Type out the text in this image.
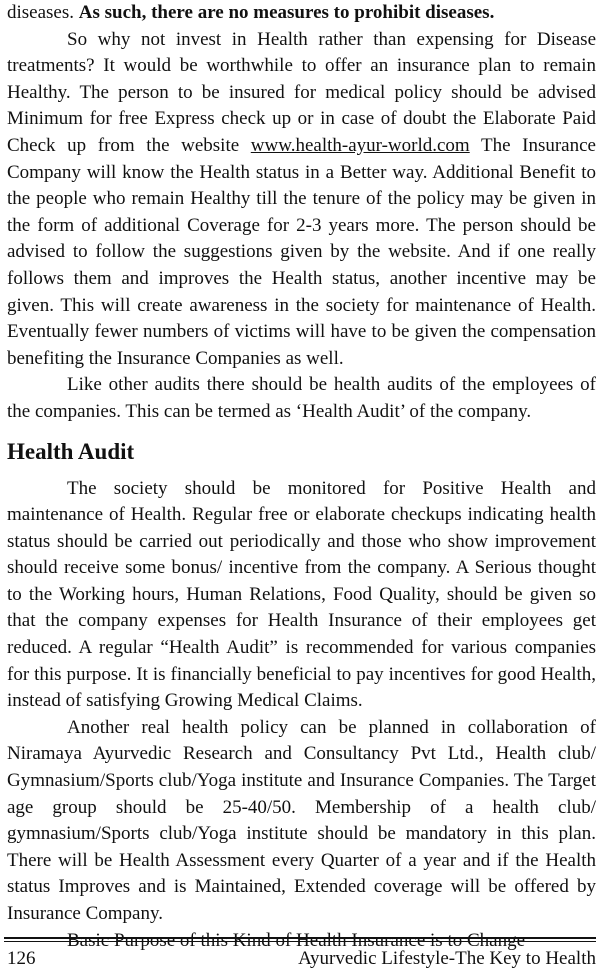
diseases. As such, there are no measures to prohibit diseases.

So why not invest in Health rather than expensing for Disease treatments? It would be worthwhile to offer an insurance plan to remain Healthy. The person to be insured for medical policy should be advised Minimum for free Express check up or in case of doubt the Elaborate Paid Check up from the website www.health-ayur-world.com The Insurance Company will know the Health status in a Better way. Additional Benefit to the people who remain Healthy till the tenure of the policy may be given in the form of additional Coverage for 2-3 years more. The person should be advised to follow the suggestions given by the website. And if one really follows them and improves the Health status, another incentive may be given. This will create awareness in the society for maintenance of Health. Eventually fewer numbers of victims will have to be given the compensation benefiting the Insurance Companies as well.

Like other audits there should be health audits of the employees of the companies. This can be termed as ‘Health Audit’ of the company.

Health Audit

The society should be monitored for Positive Health and maintenance of Health. Regular free or elaborate checkups indicating health status should be carried out periodically and those who show improvement should receive some bonus/ incentive from the company. A Serious thought to the Working hours, Human Relations, Food Quality, should be given so that the company expenses for Health Insurance of their employees get reduced. A regular “Health Audit” is recommended for various companies for this purpose. It is financially beneficial to pay incentives for good Health, instead of satisfying Growing Medical Claims.

Another real health policy can be planned in collaboration of Niramaya Ayurvedic Research and Consultancy Pvt Ltd., Health club/ Gymnasium/Sports club/Yoga institute and Insurance Companies. The Target age group should be 25-40/50. Membership of a health club/ gymnasium/Sports club/Yoga institute should be mandatory in this plan. There will be Health Assessment every Quarter of a year and if the Health status Improves and is Maintained, Extended coverage will be offered by Insurance Company.

Basic Purpose of this Kind of Health Insurance is to Change

126	Ayurvedic Lifestyle-The Key to Health
